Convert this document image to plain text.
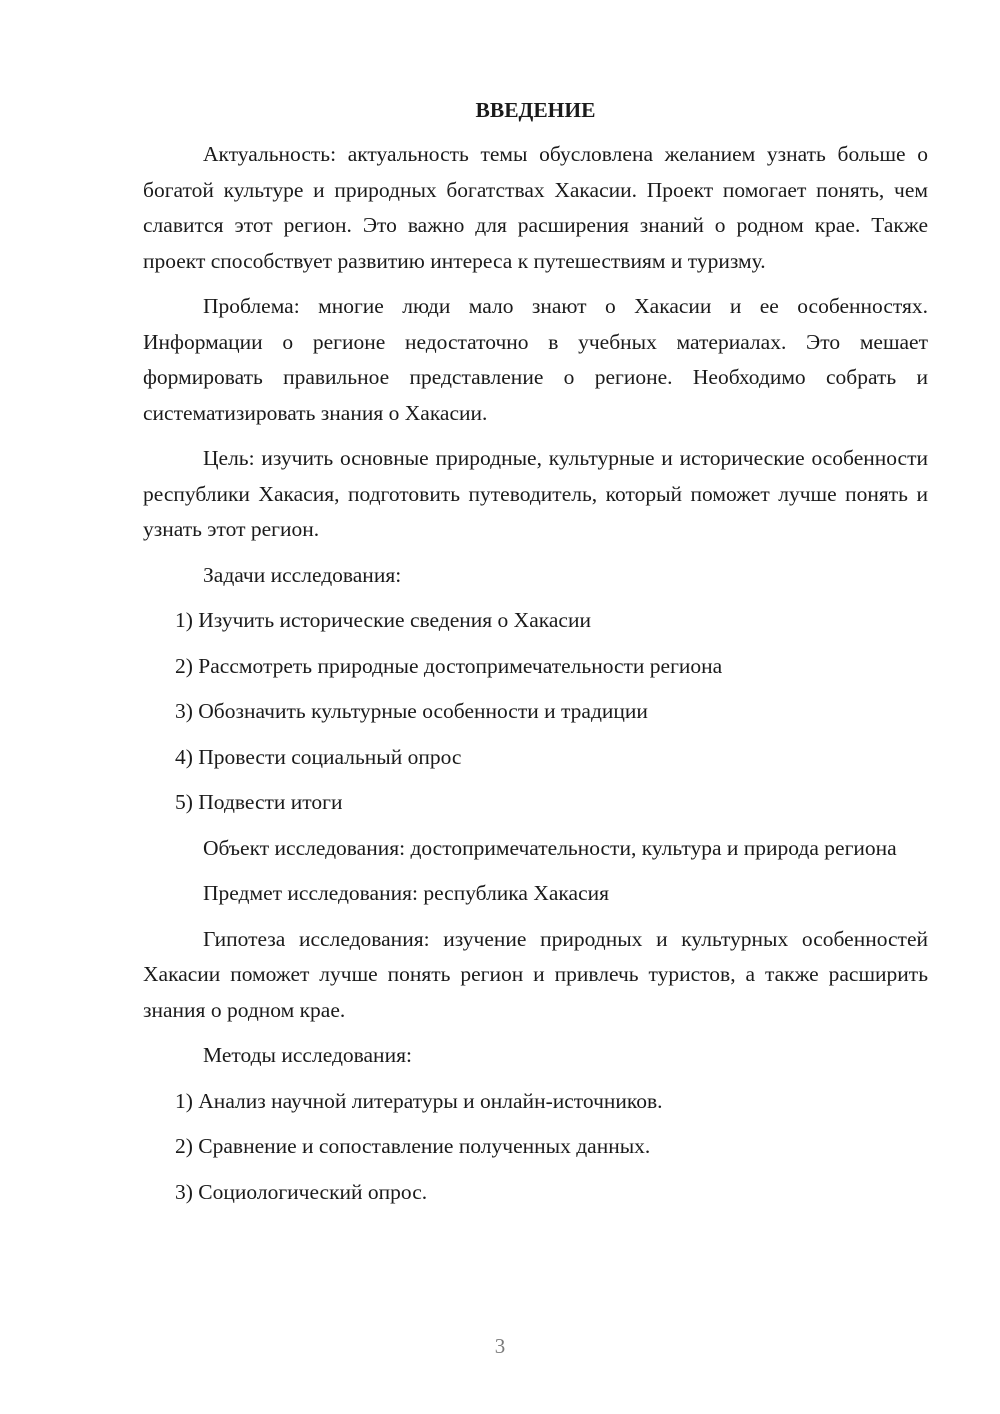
ВВЕДЕНИЕ

Актуальность: актуальность темы обусловлена желанием узнать больше о богатой культуре и природных богатствах Хакасии. Проект помогает понять, чем славится этот регион. Это важно для расширения знаний о родном крае. Также проект способствует развитию интереса к путешествиям и туризму.

Проблема: многие люди мало знают о Хакасии и ее особенностях. Информации о регионе недостаточно в учебных материалах. Это мешает формировать правильное представление о регионе. Необходимо собрать и систематизировать знания о Хакасии.

Цель: изучить основные природные, культурные и исторические особенности республики Хакасия, подготовить путеводитель, который поможет лучше понять и узнать этот регион.

Задачи исследования:

1) Изучить исторические сведения о Хакасии

2) Рассмотреть природные достопримечательности региона

3) Обозначить культурные особенности и традиции

4) Провести социальный опрос

5) Подвести итоги

Объект исследования: достопримечательности, культура и природа региона

Предмет исследования: республика Хакасия

Гипотеза исследования: изучение природных и культурных особенностей Хакасии поможет лучше понять регион и привлечь туристов, а также расширить знания о родном крае.

Методы исследования:

1) Анализ научной литературы и онлайн-источников.

2) Сравнение и сопоставление полученных данных.

3) Социологический опрос.

3
